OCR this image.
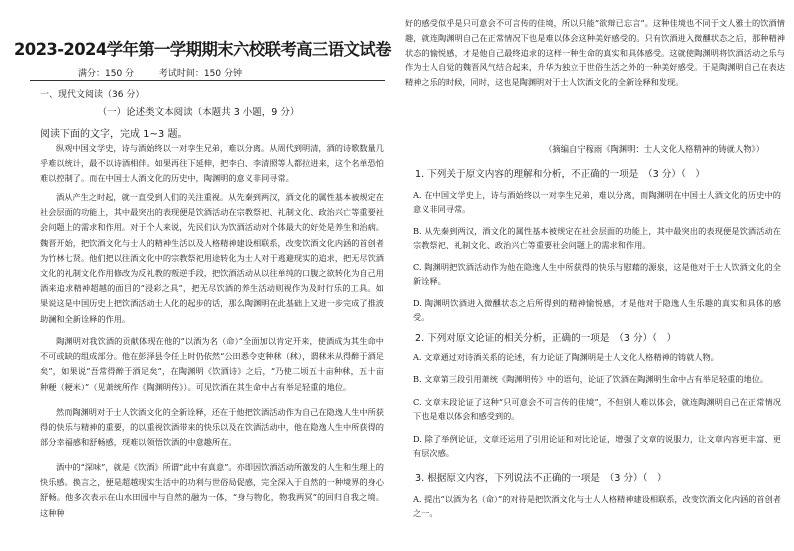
2023-2024学年第一学期期末六校联考高三语文试卷
满分：150 分	考试时间：150 分钟
一、现代文阅读（36 分）
（一）论述类文本阅读（本题共 3 小题，9 分）
阅读下面的文字，完成 1~3 题。

纵观中国文学史，诗与酒始终以一对孪生兄弟，难以分离。从周代到明清，酒的诗歌数量几乎难以统计，最不以诗酒相伴。如果再往下延伸，把李白、李清照等人都拉进来，这个名单恐怕难以控制了。而在中国士人酒文化的历史中，陶渊明的意义非同寻常。

酒从产生之时起，就一直受到人们的关注重视。从先秦到两汉，酒文化的属性基本被规定在社会层面的功能上，其中最突出的表现便是饮酒活动在宗教祭祀、礼制文化、政治兴亡等重要社会问题上的需求和作用。对于个人来说，先民们认为饮酒活动对个体最大的好处是养生和治病。魏晋开始，把饮酒文化与士人的精神生活以及人格精神建设相联系，改变饮酒文化内涵的首创者为竹林七贤。他们把以往酒文化中的宗教祭祀用途转化为士人对于逃避现实的追求，把无尽饮酒文化的礼制文化作用修改为反礼教的叛逆手段，把饮酒活动从以往单纯的口腹之欲转化为自己用酒来追求精神超越的面目的“浸彩之具”，把无尽饮酒的养生活动则视作为及时行乐的工具。如果说这是中国历史上把饮酒活动士人化的起步的话，那么陶渊明在此基础上又进一步完成了推波助澜和全新诠释的作用。

陶渊明对我饮酒的贡献体现在他的“以酒为名（命）”全面加以肯定开来，使酒成为其生命中不可或缺的组成部分。他在彭泽县令任上时仍依然“公田悉令吏种秫（秫），谓秫米从得醉于酒足矣”，如果说“吾常得醉于酒足矣”，在陶渊明《饮酒诗》之后，“乃使二顷五十亩种秫，五十亩种粳（粳米）”（见萧统所作《陶渊明传》）。可见饮酒在其生命中占有举足轻重的地位。

然而陶渊明对于士人饮酒文化的全新诠释，还在于他把饮酒活动作为自己在隐逸人生中所获得的快乐与精神的重要，的以重视饮酒带来的快乐以及在饮酒活动中，他在隐逸人生中所获得的部分幸福感和舒畅感，现难以领悟饮酒的中意趣所在。

酒中的“深味”，就是《饮酒》所谓“此中有真意”。亦即因饮酒活动所激发的人生和生理上的快乐感。换言之，便是超越现实生活中的功利与世俗局促感，完全深入于自然的一种境界的身心舒畅。他多次表示在山水田园中与自然的融为一体，“身与物化，物我两冥”的回归自我之境。这种种

好的感受似乎是只可意会不可言传的佳境，所以只能“欲辩已忘言”。这种佳境也不同于文人雅士的饮酒情趣，就连陶渊明自己在正常情况下也是难以体会这种美好感受的。只有饮酒进入微醺状态之后，那种精神状态的愉悦感，才是他自己最终追求的这样一种生命的真实和具体感受。这就使陶渊明将饮酒活动之乐与作为士人自觉的魏晋风气结合起来，升华为独立于世俗生活之外的一种美好感受。于是陶渊明自己在表达精神之乐的时候，同时，这也是陶渊明对于士人饮酒文化的全新诠释和发现。

（摘编自宁稼雨《陶渊明：士人文化人格精神的铸就人物》）
1. 下列关于原文内容的理解和分析，不正确的一项是　（3 分）（　）

A. 在中国文学史上，诗与酒始终以一对孪生兄弟，难以分离，而陶渊明在中国士人酒文化的历史中的意义非同寻常。

B. 从先秦到两汉，酒文化的属性基本被规定在社会层面的功能上，其中最突出的表现便是饮酒活动在宗教祭祀、礼制文化、政治兴亡等重要社会问题上的需求和作用。

C. 陶渊明把饮酒活动作为他在隐逸人生中所获得的快乐与慰藉的源泉，这是他对于士人饮酒文化的全新诠释。

D. 陶渊明饮酒进入微醺状态之后所得到的精神愉悦感，才是他对于隐逸人生乐趣的真实和具体的感受。

2. 下列对原文论证的相关分析，正确的一项是　（3 分）（　）

A. 文章通过对诗酒关系的论述，有力论证了陶渊明是士人文化人格精神的铸就人物。

B. 文章第三段引用萧统《陶渊明传》中的语句，论证了饮酒在陶渊明生命中占有举足轻重的地位。

C. 文章末段论证了这种“只可意会不可言传的佳境”，不但别人难以体会，就连陶渊明自己在正常情况下也是难以体会和感受到的。

D. 除了举例论证，文章还运用了引用论证和对比论证，增强了文章的说服力，让文章内容更丰富、更有层次感。

3. 根据原文内容，下列说法不正确的一项是　（3 分）（　）

A. 提出“以酒为名（命）”的对待是把饮酒文化与士人人格精神建设相联系，改变饮酒文化内涵的首创者之一。
